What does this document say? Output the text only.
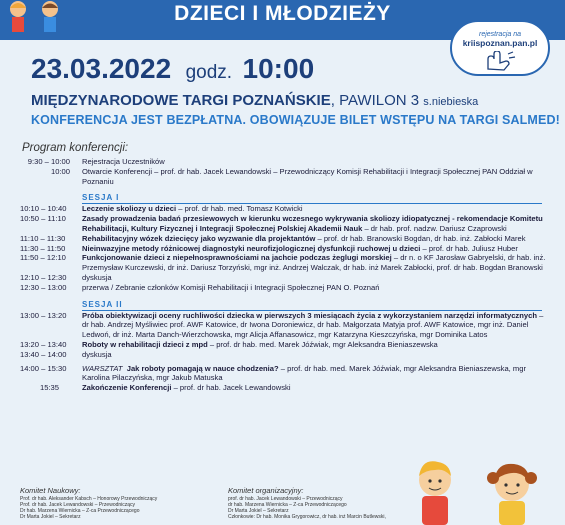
DZIECI I MŁODZIEŻY
rejestracja na
kriispoznan.pan.pl
23.03.2022 godz. 10:00
MIĘDZYNARODOWE TARGI POZNAŃSKIE, PAWILON 3 s.niebieska
KONFERENCJA JEST BEZPŁATNA. OBOWIĄZUJE BILET WSTĘPU NA TARGI SALMED!
Program konferencji:
9:30 – 10:00 Rejestracja Uczestników
10:00 Otwarcie Konferencji – prof. dr hab. Jacek Lewandowski – Przewodniczący Komisji Rehabilitacji i Integracji Społecznej PAN Oddział w Poznaniu
SESJA I
10:10 – 10:40 Leczenie skoliozy u dzieci – prof. dr hab. med. Tomasz Kotwicki
10:50 – 11:10 Zasady prowadzenia badań przesiewowych w kierunku wczesnego wykrywania skoliozy idiopatycznej - rekomendacje Komitetu Rehabilitacji, Kultury Fizycznej i Integracji Społecznej Polskiej Akademii Nauk – dr hab. prof. nadzw. Dariusz Czaprowski
11:10 – 11:30	Rehabilitacyjny wózek dziecięcy jako wyzwanie dla projektantów – prof. dr hab. Branowski Bogdan, dr hab. inż. Zabłocki Marek
11:30 – 11:50	Nieinwazyjne metody różnicowej diagnostyki neurofizjologicznej dysfunkcji ruchowej u dzieci – prof. dr hab. Juliusz Huber
11:50 – 12:10 Funkcjonowanie dzieci z niepełnosprawnościami na jachcie podczas żeglugi morskiej – dr n. o KF Jarosław Gabryelski, dr hab. inż. Przemysław Kurczewski, dr inż. Dariusz Torzyński, mgr inż. Andrzej Walczak, dr hab. inż Marek Zabłocki, prof. dr hab. Bogdan Branowski
12:10 – 12:30 dyskusja
12:30 – 13:00 przerwa / Zebranie członków Komisji Rehabilitacji i Integracji Społecznej PAN O. Poznań
SESJA II
13:00 – 13:20 Próba obiektywizacji oceny ruchliwości dziecka w pierwszych 3 miesiącach życia z wykorzystaniem narzędzi informatycznych – dr hab. Andrzej Myśliwiec prof. AWF Katowice, dr Iwona Doroniewicz, dr hab. Małgorzata Matyja prof. AWF Katowice, mgr inż. Daniel Ledwoń, dr inż. Marta Danch-Wierzchowska, mgr Alicja Affanasowicz, mgr Katarzyna Kieszczyńska, mgr Dominika Latos
13:20 – 13:40 Roboty w rehabilitacji dzieci z mpd – prof. dr hab. med. Marek Jóźwiak, mgr Aleksandra Bieniaszewska
13:40 – 14:00 dyskusja
14:00 – 15:30 WARSZTAT Jak roboty pomagają w nauce chodzenia? – prof. dr hab. med. Marek Jóźwiak, mgr Aleksandra Bieniaszewska, mgr Karolina Pilaczyńska, mgr Jakub Matuska
15:35	Zakończenie Konferencji – prof. dr hab. Jacek Lewandowski
Komitet Naukowy:
Prof. dr hab. Aleksander Kabsch – Honorowy Przewodniczący
Prof. dr hab. Jacek Lewandowski – Przewodniczący
Dr hab. Marzena Wiernicka – Z-ca Przewodniczącego
Dr Marta Jokiel – Sekretarz
Komitet organizacyjny:
prof. dr hab. Jacek Lewandowski – Przewodniczący
dr hab. Marzena Wiernicka – Z-ca Przewodniczącego
Dr Marta Jokiel – Sekretarz
Członkowie: Dr hab. Monika Grygorowicz, dr hab. inż Marcin Butlewski,
